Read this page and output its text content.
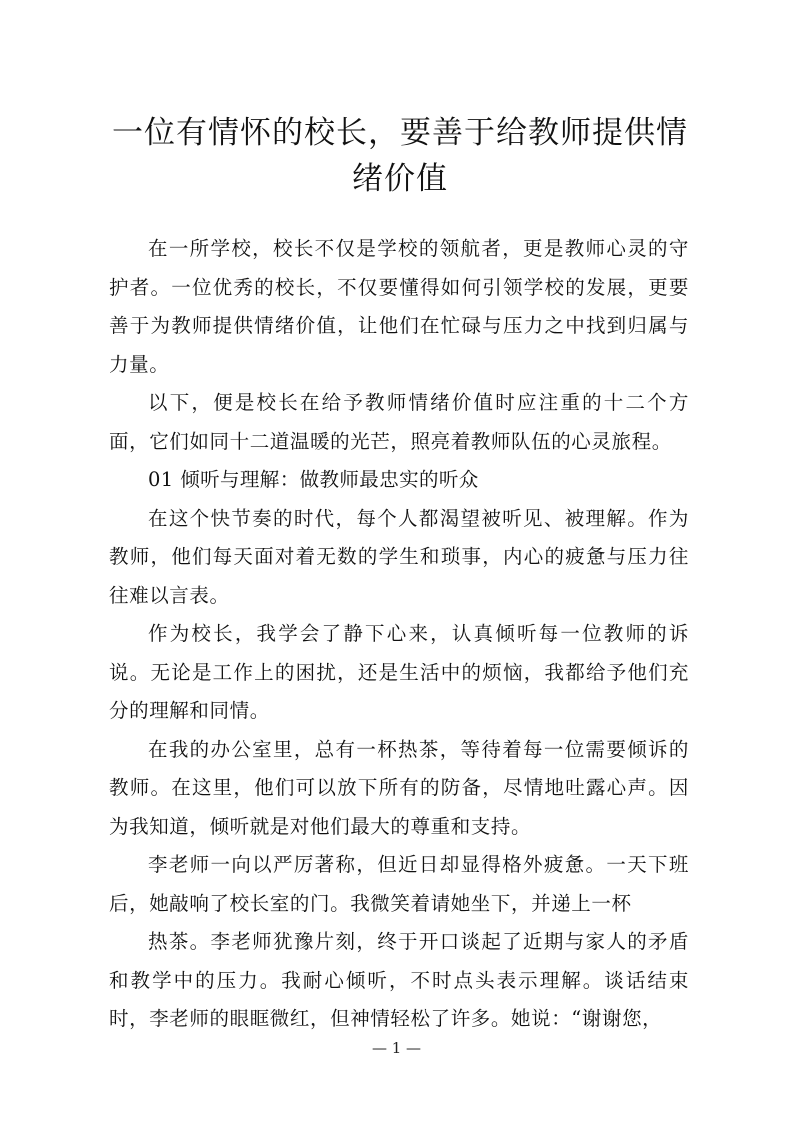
一位有情怀的校长，要善于给教师提供情
绪价值

在一所学校，校长不仅是学校的领航者，更是教师心灵的守护者。一位优秀的校长，不仅要懂得如何引领学校的发展，更要善于为教师提供情绪价值，让他们在忙碌与压力之中找到归属与力量。

以下，便是校长在给予教师情绪价值时应注重的十二个方面，它们如同十二道温暖的光芒，照亮着教师队伍的心灵旅程。

01 倾听与理解：做教师最忠实的听众

在这个快节奏的时代，每个人都渴望被听见、被理解。作为教师，他们每天面对着无数的学生和琐事，内心的疲惫与压力往往难以言表。

作为校长，我学会了静下心来，认真倾听每一位教师的诉说。无论是工作上的困扰，还是生活中的烦恼，我都给予他们充分的理解和同情。

在我的办公室里，总有一杯热茶，等待着每一位需要倾诉的教师。在这里，他们可以放下所有的防备，尽情地吐露心声。因为我知道，倾听就是对他们最大的尊重和支持。

李老师一向以严厉著称，但近日却显得格外疲惫。一天下班后，她敲响了校长室的门。我微笑着请她坐下，并递上一杯

热茶。李老师犹豫片刻，终于开口谈起了近期与家人的矛盾和教学中的压力。我耐心倾听，不时点头表示理解。谈话结束时，李老师的眼眶微红，但神情轻松了许多。她说：“谢谢您，

— 1 —
